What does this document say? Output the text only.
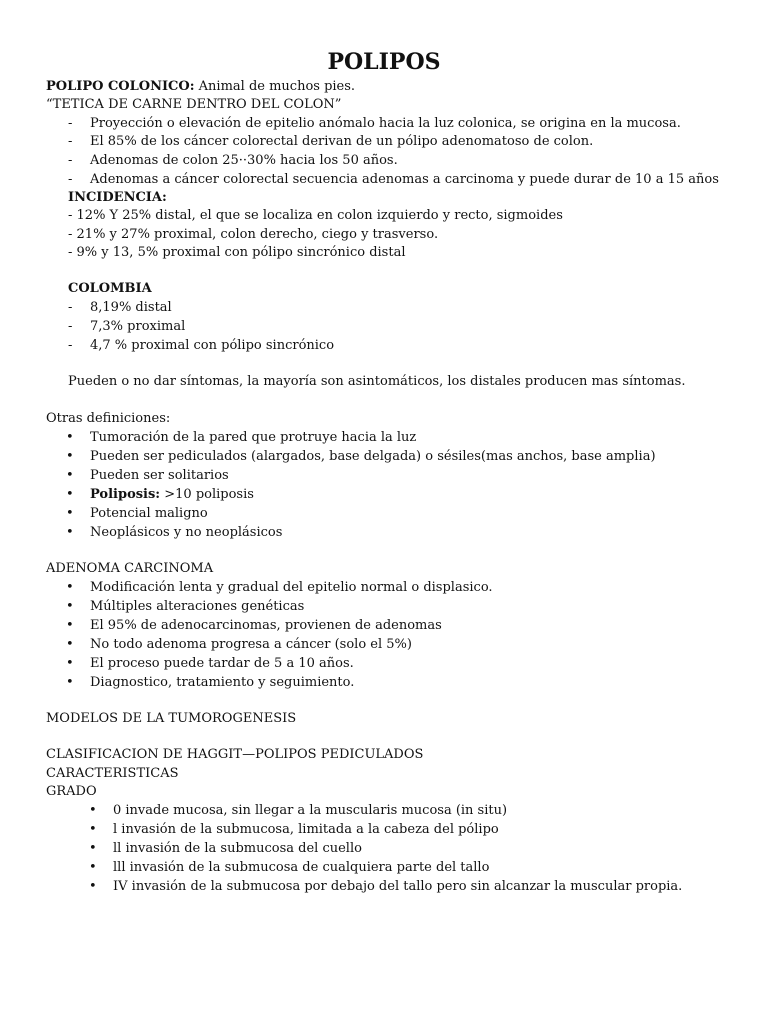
POLIPOS
POLIPO COLONICO: Animal de muchos pies.
“TETICA DE CARNE DENTRO DEL COLON”
- Proyección o elevación de epitelio anómalo hacia la luz colonica, se origina en la mucosa.
- El 85% de los cáncer colorectal derivan de un pólipo adenomatoso de colon.
- Adenomas de colon 25··30% hacia los 50 años.
- Adenomas a cáncer colorectal secuencia adenomas a carcinoma y puede durar de 10 a 15 años
INCIDENCIA:
- 12% Y 25% distal, el que se localiza en colon izquierdo y recto, sigmoides
- 21% y 27% proximal, colon derecho, ciego y trasverso.
- 9% y 13, 5% proximal con pólipo sincrónico distal
COLOMBIA
- 8,19% distal
- 7,3% proximal
- 4,7 % proximal con pólipo sincrónico
Pueden o no dar síntomas, la mayoría son asintomáticos, los distales producen mas síntomas.
Otras definiciones:
• Tumoración de la pared que protruye hacia la luz
• Pueden ser pediculados (alargados, base delgada) o sésiles(mas anchos, base amplia)
• Pueden ser solitarios
• Poliposis: >10 poliposis
• Potencial maligno
• Neoplásicos y no neoplásicos
ADENOMA CARCINOMA
• Modificación lenta y gradual del epitelio normal o displasico.
• Múltiples alteraciones genéticas
• El 95% de adenocarcinomas, provienen de adenomas
• No todo adenoma progresa a cáncer (solo el 5%)
• El proceso puede tardar de 5 a 10 años.
• Diagnostico, tratamiento y seguimiento.
MODELOS DE LA TUMOROGENESIS
CLASIFICACION DE HAGGIT—POLIPOS PEDICULADOS
CARACTERISTICAS
GRADO
• 0 invade mucosa, sin llegar a la muscularis mucosa (in situ)
• l invasión de la submucosa, limitada a la cabeza del pólipo
• ll invasión de la submucosa del cuello
• lll invasión de la submucosa de cualquiera parte del tallo
• IV invasión de la submucosa por debajo del tallo pero sin alcanzar la muscular propia.
